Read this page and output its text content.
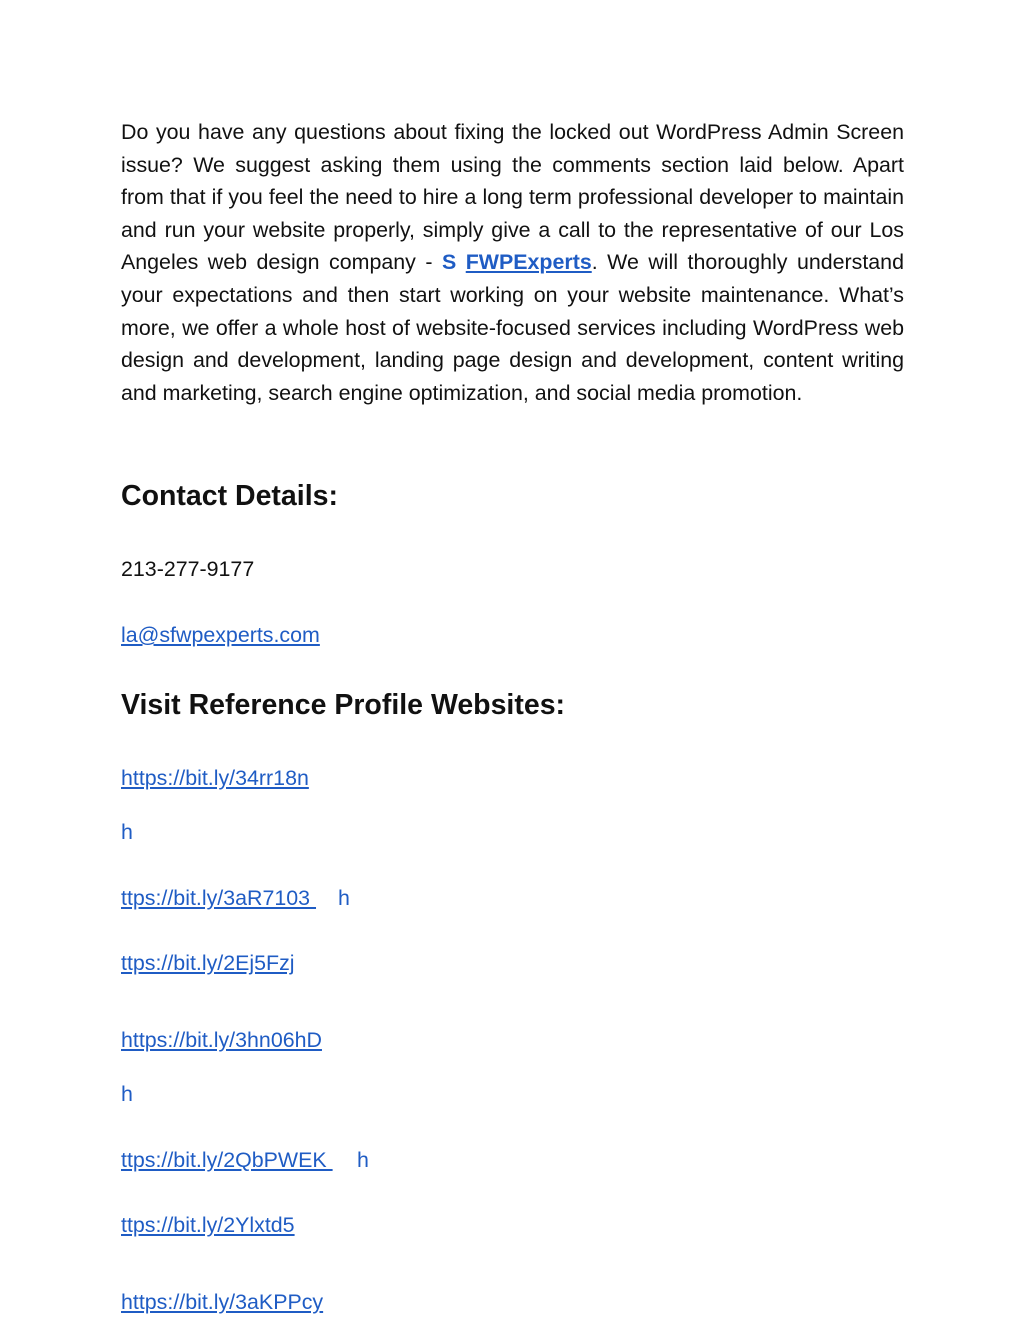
Do you have any questions about fixing the locked out WordPress Admin Screen issue? We suggest asking them using the comments section laid below. Apart from that if you feel the need to hire a long term professional developer to maintain and run your website properly, simply give a call to the representative of our Los Angeles web design company - S FWPExperts. We will thoroughly understand your expectations and then start working on your website maintenance. What’s more, we offer a whole host of website-focused services including WordPress web design and development, landing page design and development, content writing and marketing, search engine optimization, and social media promotion.

Contact Details:
213-277-9177
la@sfwpexperts.com
Visit Reference Profile Websites:
https://bit.ly/34rr18n
h
ttps://bit.ly/3aR7103 h
ttps://bit.ly/2Ej5Fzj
https://bit.ly/3hn06hD
h
ttps://bit.ly/2QbPWEK h
ttps://bit.ly/2Ylxtd5
https://bit.ly/3aKPPcy
